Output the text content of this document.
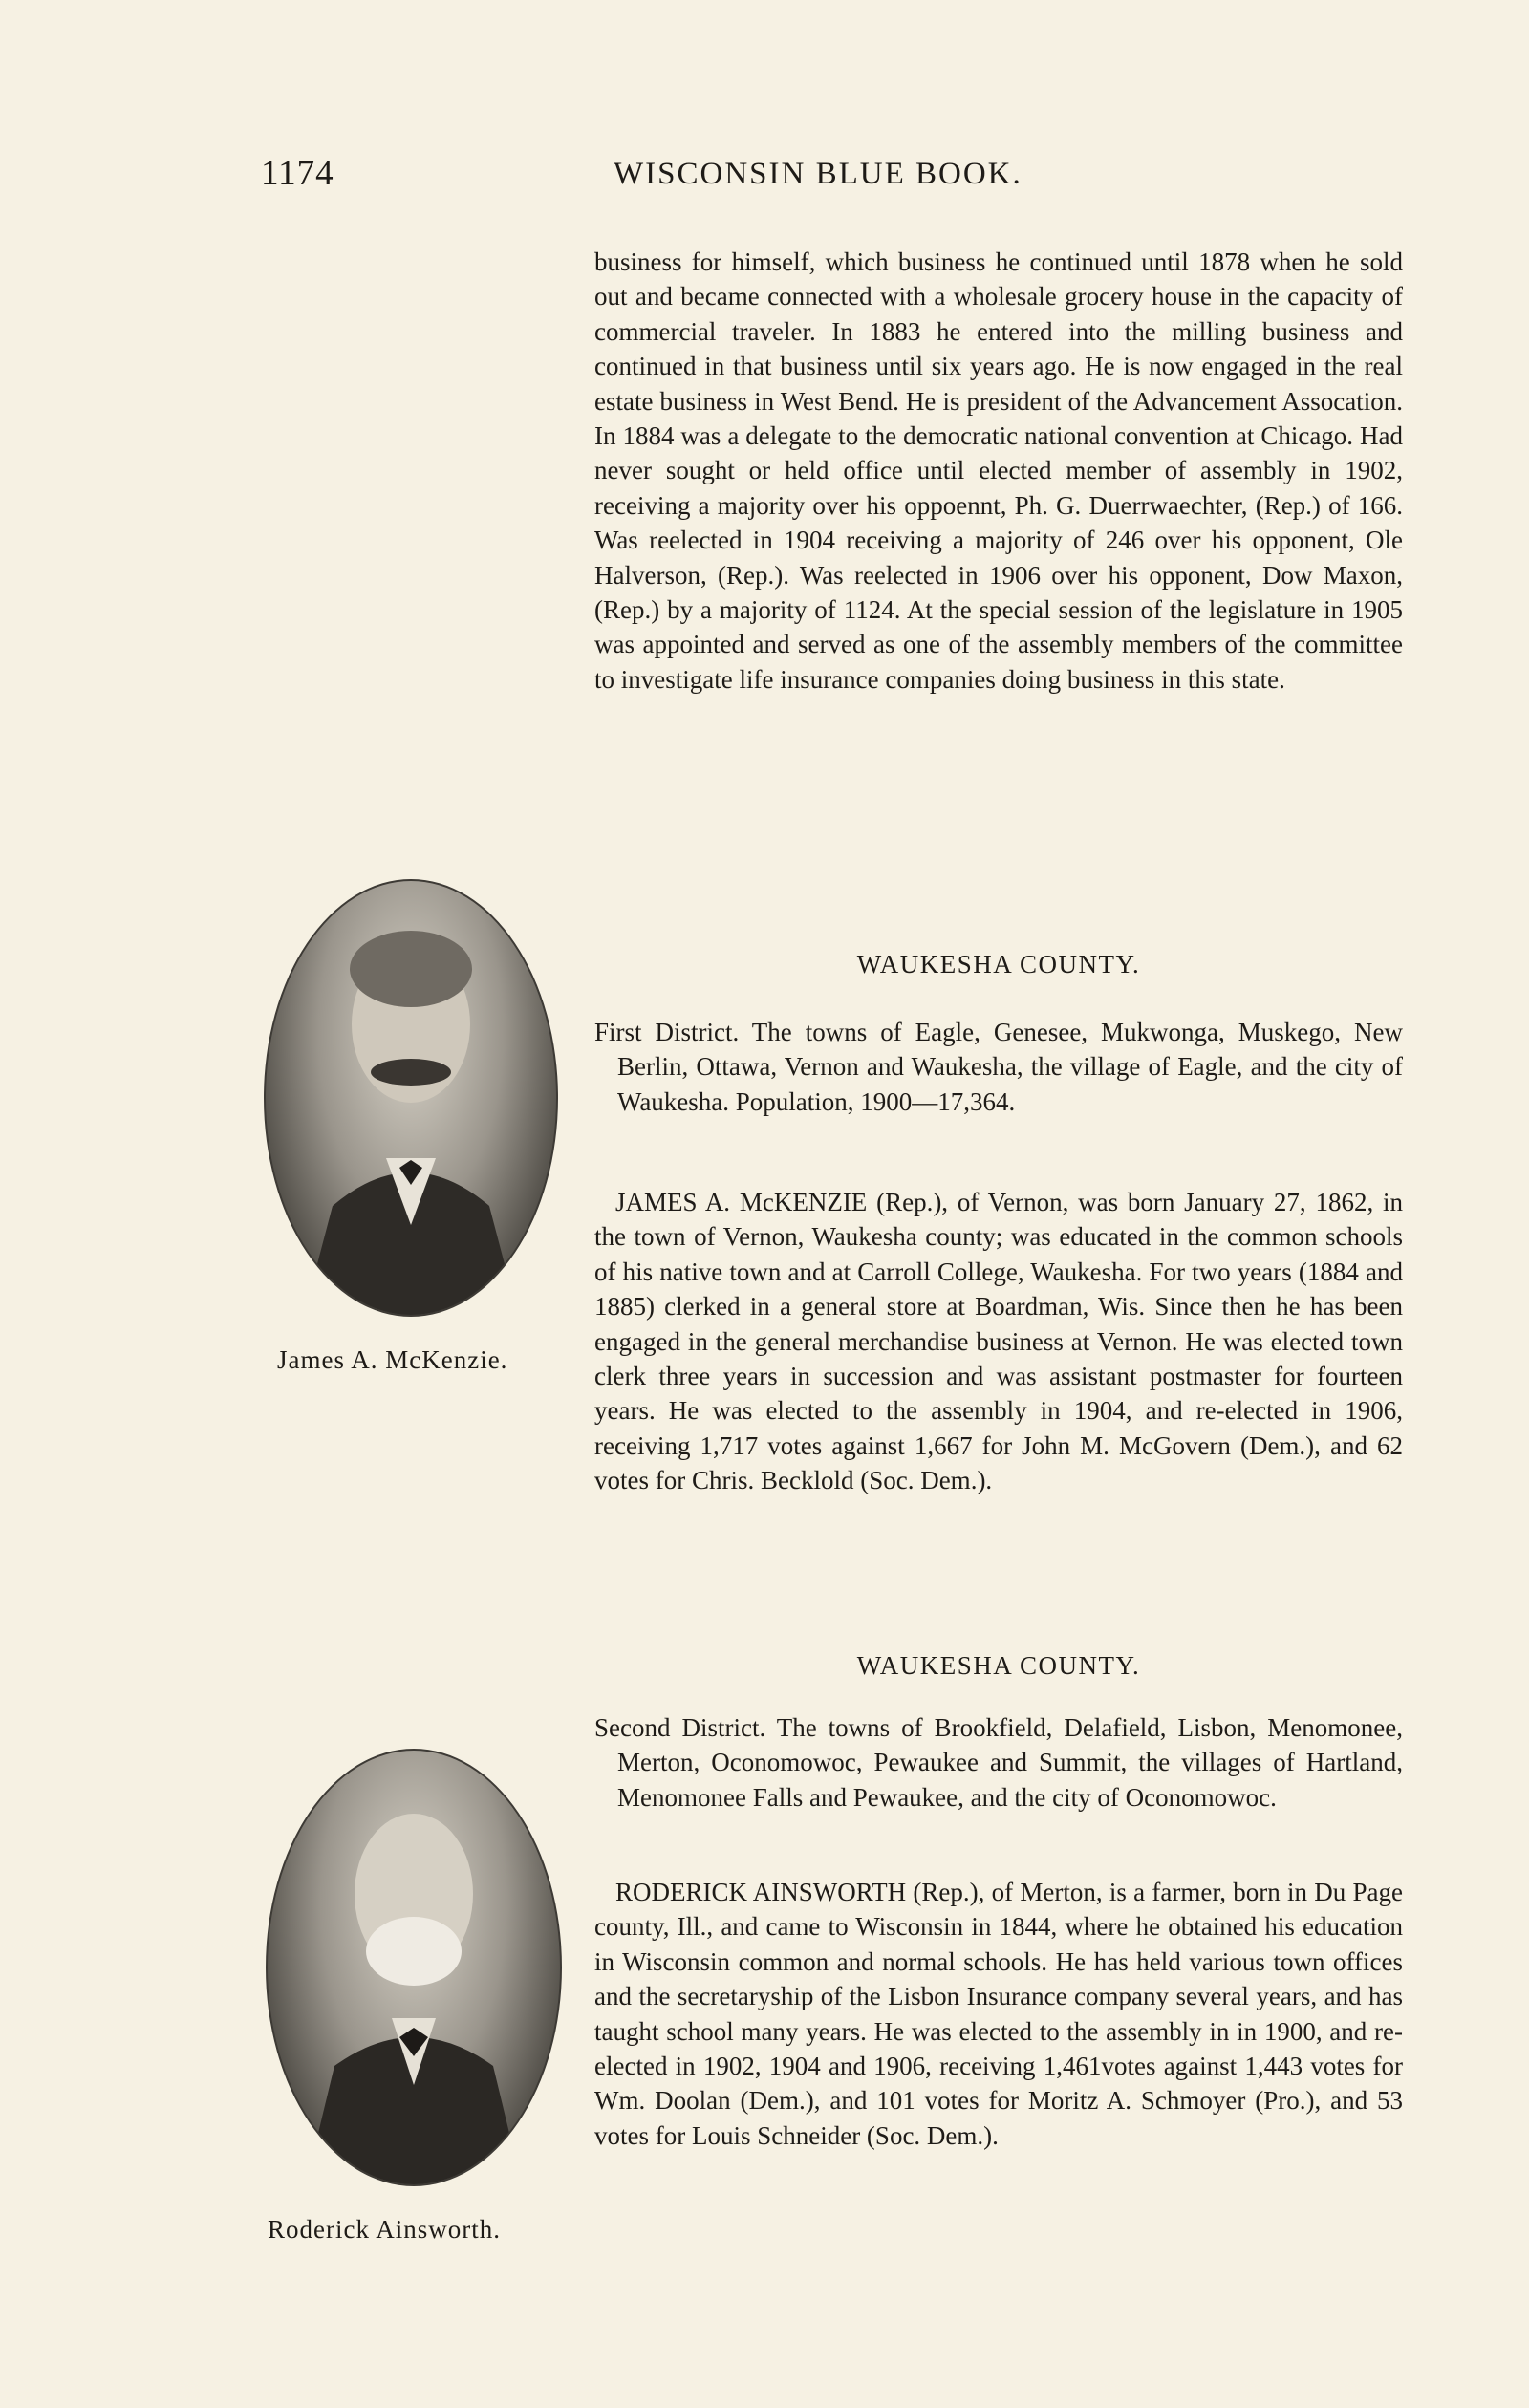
1174	WISCONSIN BLUE BOOK.

business for himself, which business he continued until 1878 when he sold out and became connected with a wholesale grocery house in the capacity of commercial traveler. In 1883 he entered into the milling business and continued in that business until six years ago. He is now engaged in the real estate business in West Bend. He is president of the Advancement Assocation. In 1884 was a delegate to the democratic national convention at Chicago. Had never sought or held office until elected member of assembly in 1902, receiving a majority over his oppoennt, Ph. G. Duerrwaechter, (Rep.) of 166. Was reelected in 1904 receiving a majority of 246 over his opponent, Ole Halverson, (Rep.). Was reelected in 1906 over his opponent, Dow Maxon, (Rep.) by a majority of 1124. At the special session of the legislature in 1905 was appointed and served as one of the assembly members of the committee to investigate life insurance companies doing business in this state.

WAUKESHA COUNTY.

First District. The towns of Eagle, Genesee, Mukwonga, Muskego, New Berlin, Ottawa, Vernon and Waukesha, the village of Eagle, and the city of Waukesha. Population, 1900—17,364.

JAMES A. McKENZIE (Rep.), of Vernon, was born January 27, 1862, in the town of Vernon, Waukesha county; was educated in the common schools of his native town and at Carroll College, Waukesha. For two years (1884 and 1885) clerked in a general store at Boardman, Wis. Since then he has been engaged in the general merchandise business at Vernon. He was elected town clerk three years in succession and was assistant postmaster for fourteen years. He was elected to the assembly in 1904, and re-elected in 1906, receiving 1,717 votes against 1,667 for John M. McGovern (Dem.), and 62 votes for Chris. Becklold (Soc. Dem.).

James A. McKenzie.
WAUKESHA COUNTY.

Second District. The towns of Brookfield, Delafield, Lisbon, Menomonee, Merton, Oconomowoc, Pewaukee and Summit, the villages of Hartland, Menomonee Falls and Pewaukee, and the city of Oconomowoc.

RODERICK AINSWORTH (Rep.), of Merton, is a farmer, born in Du Page county, Ill., and came to Wisconsin in 1844, where he obtained his education in Wisconsin common and normal schools. He has held various town offices and the secretaryship of the Lisbon Insurance company several years, and has taught school many years. He was elected to the assembly in in 1900, and re-elected in 1902, 1904 and 1906, receiving 1,461votes against 1,443 votes for Wm. Doolan (Dem.), and 101 votes for Moritz A. Schmoyer (Pro.), and 53 votes for Louis Schneider (Soc. Dem.).

Roderick Ainsworth.
